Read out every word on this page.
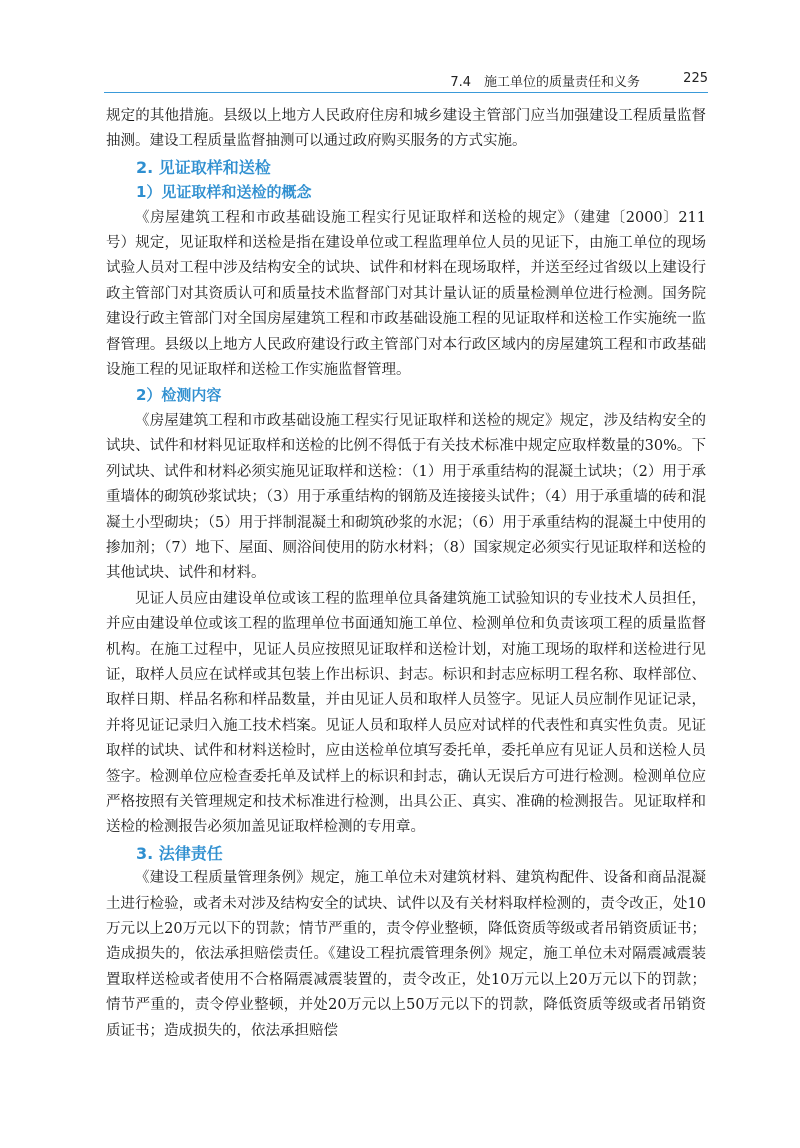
7.4　施工单位的质量责任和义务	225

规定的其他措施。县级以上地方人民政府住房和城乡建设主管部门应当加强建设工程质量监督抽测。建设工程质量监督抽测可以通过政府购买服务的方式实施。

2. 见证取样和送检
1）见证取样和送检的概念

《房屋建筑工程和市政基础设施工程实行见证取样和送检的规定》（建建〔2000〕211号）规定，见证取样和送检是指在建设单位或工程监理单位人员的见证下，由施工单位的现场试验人员对工程中涉及结构安全的试块、试件和材料在现场取样，并送至经过省级以上建设行政主管部门对其资质认可和质量技术监督部门对其计量认证的质量检测单位进行检测。国务院建设行政主管部门对全国房屋建筑工程和市政基础设施工程的见证取样和送检工作实施统一监督管理。县级以上地方人民政府建设行政主管部门对本行政区域内的房屋建筑工程和市政基础设施工程的见证取样和送检工作实施监督管理。

2）检测内容

《房屋建筑工程和市政基础设施工程实行见证取样和送检的规定》规定，涉及结构安全的试块、试件和材料见证取样和送检的比例不得低于有关技术标准中规定应取样数量的30%。下列试块、试件和材料必须实施见证取样和送检：（1）用于承重结构的混凝土试块；（2）用于承重墙体的砌筑砂浆试块；（3）用于承重结构的钢筋及连接接头试件；（4）用于承重墙的砖和混凝土小型砌块；（5）用于拌制混凝土和砌筑砂浆的水泥；（6）用于承重结构的混凝土中使用的掺加剂；（7）地下、屋面、厕浴间使用的防水材料；（8）国家规定必须实行见证取样和送检的其他试块、试件和材料。

见证人员应由建设单位或该工程的监理单位具备建筑施工试验知识的专业技术人员担任，并应由建设单位或该工程的监理单位书面通知施工单位、检测单位和负责该项工程的质量监督机构。在施工过程中，见证人员应按照见证取样和送检计划，对施工现场的取样和送检进行见证，取样人员应在试样或其包装上作出标识、封志。标识和封志应标明工程名称、取样部位、取样日期、样品名称和样品数量，并由见证人员和取样人员签字。见证人员应制作见证记录，并将见证记录归入施工技术档案。见证人员和取样人员应对试样的代表性和真实性负责。见证取样的试块、试件和材料送检时，应由送检单位填写委托单，委托单应有见证人员和送检人员签字。检测单位应检查委托单及试样上的标识和封志，确认无误后方可进行检测。检测单位应严格按照有关管理规定和技术标准进行检测，出具公正、真实、准确的检测报告。见证取样和送检的检测报告必须加盖见证取样检测的专用章。

3. 法律责任

《建设工程质量管理条例》规定，施工单位未对建筑材料、建筑构配件、设备和商品混凝土进行检验，或者未对涉及结构安全的试块、试件以及有关材料取样检测的，责令改正，处10万元以上20万元以下的罚款；情节严重的，责令停业整顿，降低资质等级或者吊销资质证书；造成损失的，依法承担赔偿责任。《建设工程抗震管理条例》规定，施工单位未对隔震减震装置取样送检或者使用不合格隔震减震装置的，责令改正，处10万元以上20万元以下的罚款；情节严重的，责令停业整顿，并处20万元以上50万元以下的罚款，降低资质等级或者吊销资质证书；造成损失的，依法承担赔偿
